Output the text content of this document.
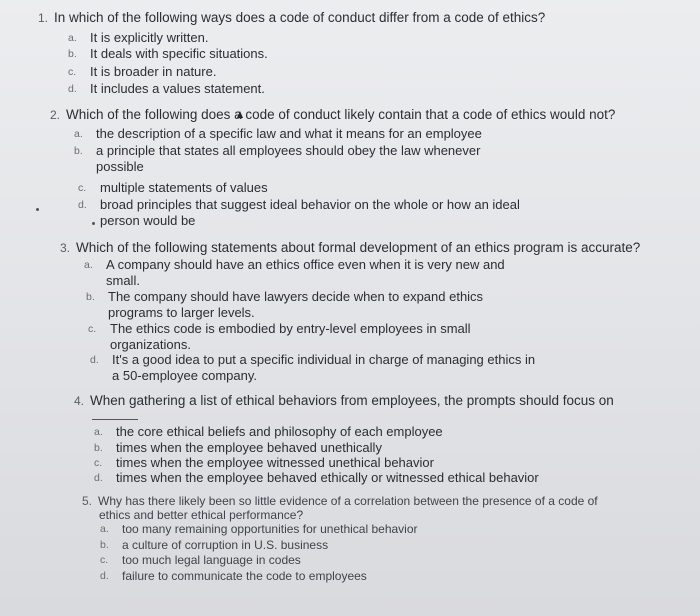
1. In which of the following ways does a code of conduct differ from a code of ethics?
a. It is explicitly written.
b. It deals with specific situations.
c. It is broader in nature.
d. It includes a values statement.
2. Which of the following does a code of conduct likely contain that a code of ethics would not?
a. the description of a specific law and what it means for an employee
b. a principle that states all employees should obey the law whenever
possible
c. multiple statements of values
d. broad principles that suggest ideal behavior on the whole or how an ideal
person would be
3. Which of the following statements about formal development of an ethics program is accurate?
a. A company should have an ethics office even when it is very new and
small.
b. The company should have lawyers decide when to expand ethics
programs to larger levels.
c. The ethics code is embodied by entry-level employees in small
organizations.
d. It's a good idea to put a specific individual in charge of managing ethics in
a 50-employee company.
4. When gathering a list of ethical behaviors from employees, the prompts should focus on
a. the core ethical beliefs and philosophy of each employee
b. times when the employee behaved unethically
c. times when the employee witnessed unethical behavior
d. times when the employee behaved ethically or witnessed ethical behavior
5. Why has there likely been so little evidence of a correlation between the presence of a code of
ethics and better ethical performance?
a. too many remaining opportunities for unethical behavior
b. a culture of corruption in U.S. business
c. too much legal language in codes
d. failure to communicate the code to employees
